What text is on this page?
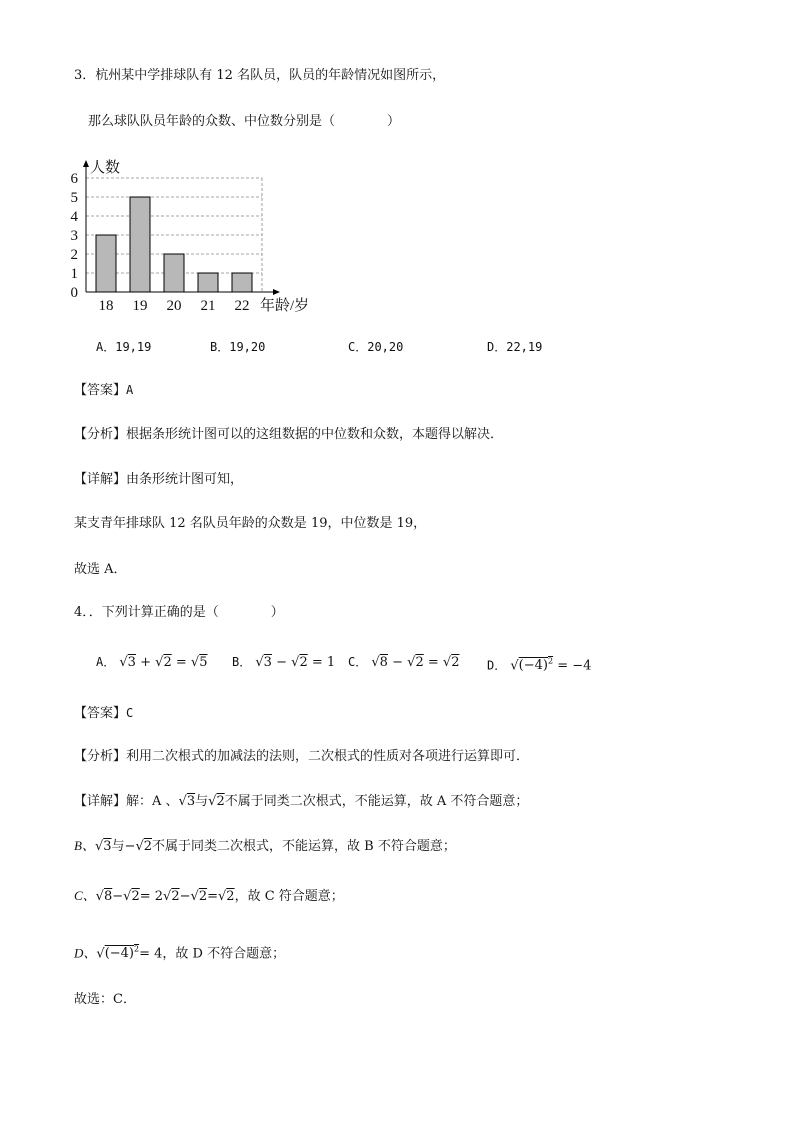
3．杭州某中学排球队有 12 名队员，队员的年龄情况如图所示，
那么球队队员年龄的众数、中位数分别是（　　　　）
0
1
2
3
4
5
6
人数
18 19 20 21 22 年龄/岁
A．19,19	B．19,20	C．20,20	D．22,19
【答案】A
【分析】根据条形统计图可以的这组数据的中位数和众数，本题得以解决．
【详解】由条形统计图可知，
某支青年排球队 12 名队员年龄的众数是 19，中位数是 19，
故选 A．
4．．下列计算正确的是（　　　　）
A． √3 + √2 = √5 B． √3 − √2 = 1 C． √8 − √2 = √2 D． $√(-4)^2 = -4$
【答案】C
【分析】利用二次根式的加减法的法则，二次根式的性质对各项进行运算即可．
【详解】解：A 、√3与√2不属于同类二次根式，不能运算，故 A 不符合题意；
B、√3与−√2不属于同类二次根式，不能运算，故 B 不符合题意；
C、√8−√2= 2√2−√2=√2，故 C 符合题意；
D、$√(-4)^2= 4$，故 D 不符合题意；
故选：C．
